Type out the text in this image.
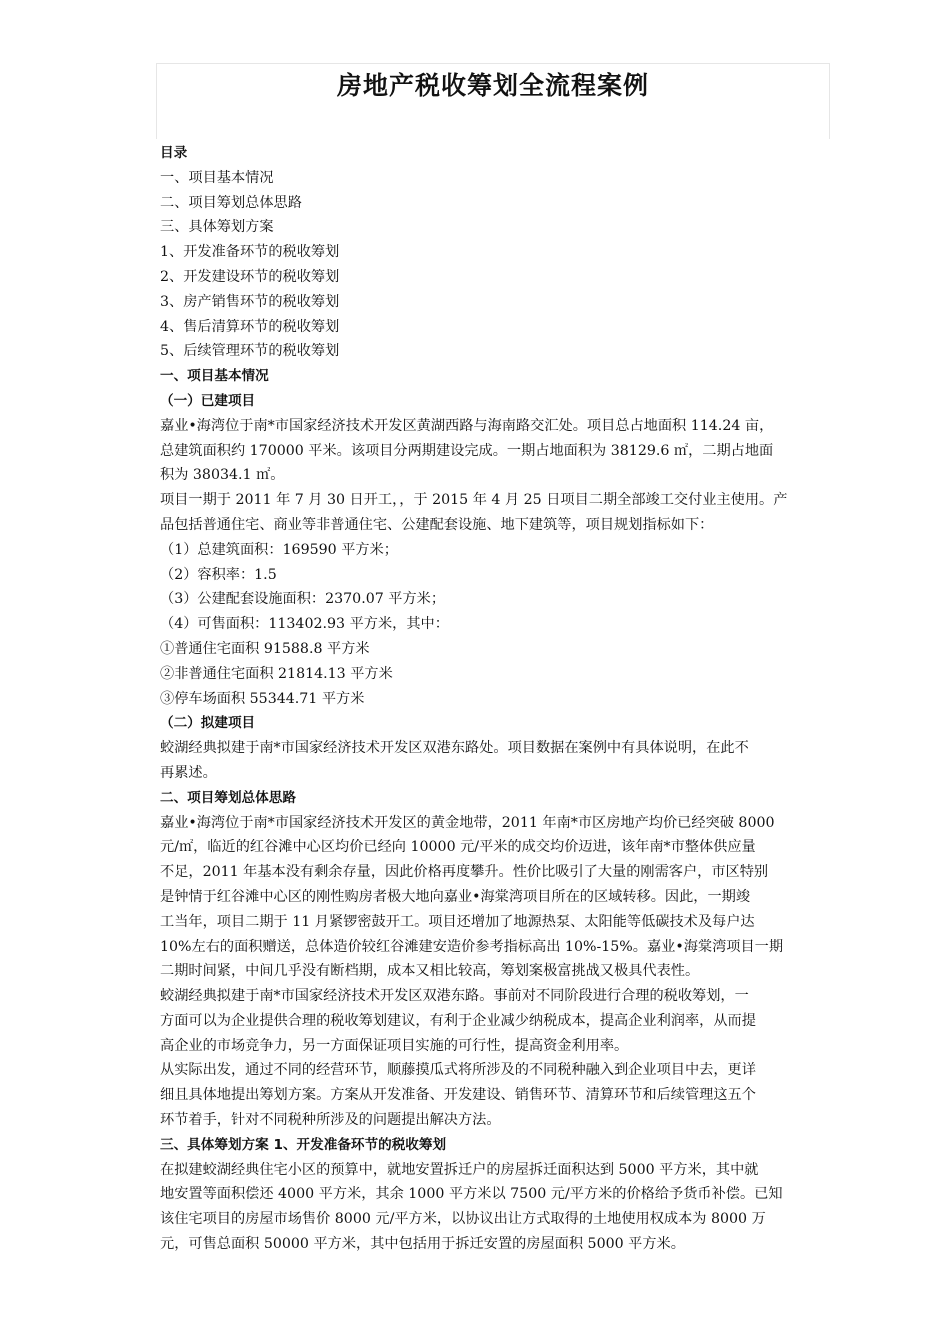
房地产税收筹划全流程案例
目录
一、项目基本情况
二、项目筹划总体思路
三、具体筹划方案
1、开发准备环节的税收筹划
2、开发建设环节的税收筹划
3、房产销售环节的税收筹划
4、售后清算环节的税收筹划
5、后续管理环节的税收筹划
一、项目基本情况
（一）已建项目
嘉业•海湾位于南*市国家经济技术开发区黄湖西路与海南路交汇处。项目总占地面积 114.24 亩，
总建筑面积约 170000 平米。该项目分两期建设完成。一期占地面积为 38129.6 ㎡，二期占地面
积为 38034.1 ㎡。
项目一期于 2011 年 7 月 30 日开工，，于 2015 年 4 月 25 日项目二期全部竣工交付业主使用。产
品包括普通住宅、商业等非普通住宅、公建配套设施、地下建筑等，项目规划指标如下：
（1）总建筑面积：169590 平方米；
（2）容积率：1.5
（3）公建配套设施面积：2370.07 平方米；
（4）可售面积：113402.93 平方米，其中：
①普通住宅面积 91588.8 平方米
②非普通住宅面积 21814.13 平方米
③停车场面积 55344.71 平方米
（二）拟建项目
蛟湖经典拟建于南*市国家经济技术开发区双港东路处。项目数据在案例中有具体说明，在此不
再累述。
二、项目筹划总体思路
嘉业•海湾位于南*市国家经济技术开发区的黄金地带，2011 年南*市区房地产均价已经突破 8000
元/㎡，临近的红谷滩中心区均价已经向 10000 元/平米的成交均价迈进，该年南*市整体供应量
不足，2011 年基本没有剩余存量，因此价格再度攀升。性价比吸引了大量的刚需客户，市区特别
是钟情于红谷滩中心区的刚性购房者极大地向嘉业•海棠湾项目所在的区域转移。因此，一期竣
工当年，项目二期于 11 月紧锣密鼓开工。项目还增加了地源热泵、太阳能等低碳技术及每户达
10%左右的面积赠送，总体造价较红谷滩建安造价参考指标高出 10%-15%。嘉业•海棠湾项目一期
二期时间紧，中间几乎没有断档期，成本又相比较高，筹划案极富挑战又极具代表性。
蛟湖经典拟建于南*市国家经济技术开发区双港东路。事前对不同阶段进行合理的税收筹划，一
方面可以为企业提供合理的税收筹划建议，有利于企业减少纳税成本，提高企业利润率，从而提
高企业的市场竞争力，另一方面保证项目实施的可行性，提高资金利用率。
从实际出发，通过不同的经营环节，顺藤摸瓜式将所涉及的不同税种融入到企业项目中去，更详
细且具体地提出筹划方案。方案从开发准备、开发建设、销售环节、清算环节和后续管理这五个
环节着手，针对不同税种所涉及的问题提出解决方法。
三、具体筹划方案 1、开发准备环节的税收筹划
在拟建蛟湖经典住宅小区的预算中，就地安置拆迁户的房屋拆迁面积达到 5000 平方米，其中就
地安置等面积偿还 4000 平方米，其余 1000 平方米以 7500 元/平方米的价格给予货币补偿。已知
该住宅项目的房屋市场售价 8000 元/平方米，以协议出让方式取得的土地使用权成本为 8000 万
元，可售总面积 50000 平方米，其中包括用于拆迁安置的房屋面积 5000 平方米。
